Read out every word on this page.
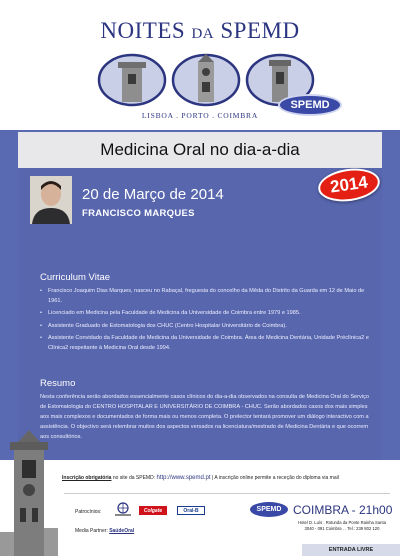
NOITES DA SPEMD
LISBOA . PORTO . COIMBRA
SPEMD
Medicina Oral no dia-a-dia
20 de Março de 2014
FRANCISCO MARQUES
Curriculum Vitae
• Francisco Joaquim Dias Marques, nasceu no Rabaçal, freguesia do concelho da Mêda do Distrito da Guarda em 12 de Maio de 1961.
• Licenciado em Medicina pela Faculdade de Medicina da Universidade de Coimbra entre 1979 e 1985.
• Assistente Graduado de Estomatologia dos CHUC (Centro Hospitalar Universitário de Coimbra).
• Assistente Convidado da Faculdade de Medicina da Universidade de Coimbra. Área de Medicina Dentária, Unidade Préclínica2 e Clínica2 respeitante à Medicina Oral desde 1994.
Resumo
Nesta conferência serão abordados essencialmente casos clínicos do dia-a-dia observados na consulta de Medicina Oral do Serviço de Estomatologia do CENTRO HOSPITALAR E UNIVERSITÁRIO DE COIMBRA - CHUC. Serão abordados casos dos mais simples aos mais complexos e documentados de forma mais ou menos completa. O prelector tentará promover um diálogo interactivo com a assistência. O objectivo será relembrar muitos dos aspectos versados na licenciatura/mestrado de Medicina Dentária e que ocorrem aos consultórios.
2014
Inscrição obrigatória no site da SPEMD: http://www.spemd.pt | A inscrição online permite a receção do diploma via mail
Patrocínios:	Colgate	Oral-B
Media Partner: SaúdeOral
SPEMD COIMBRA - 21h00
Hotel D. Luís . Rotunda da Ponte Rainha Santa
3040 - 091 Coimbra . . Tel.: 239 802 120
ENTRADA LIVRE
